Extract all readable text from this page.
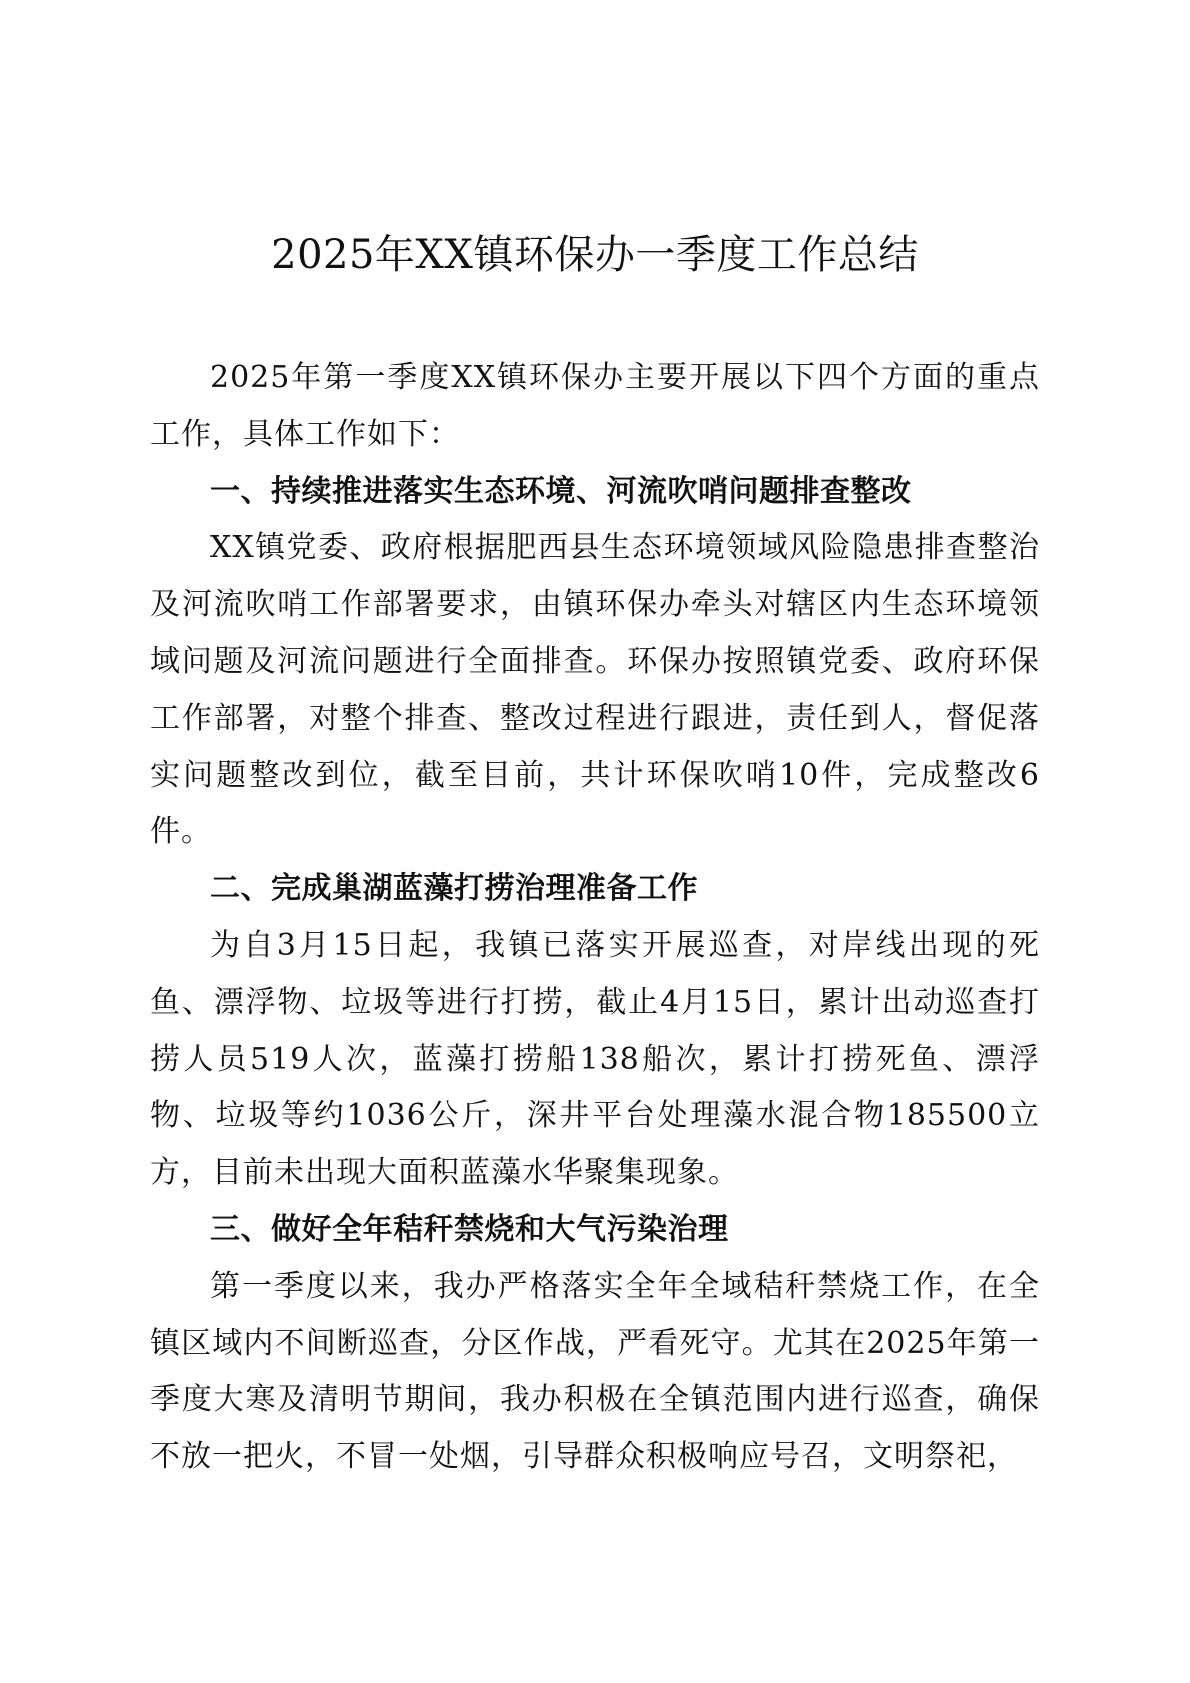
2025年XX镇环保办一季度工作总结

2025年第一季度XX镇环保办主要开展以下四个方面的重点工作，具体工作如下：

一、持续推进落实生态环境、河流吹哨问题排查整改

XX镇党委、政府根据肥西县生态环境领域风险隐患排查整治及河流吹哨工作部署要求，由镇环保办牵头对辖区内生态环境领域问题及河流问题进行全面排查。环保办按照镇党委、政府环保工作部署，对整个排查、整改过程进行跟进，责任到人，督促落实问题整改到位，截至目前，共计环保吹哨10件，完成整改6件。

二、完成巢湖蓝藻打捞治理准备工作

为自3月15日起，我镇已落实开展巡查，对岸线出现的死鱼、漂浮物、垃圾等进行打捞，截止4月15日，累计出动巡查打捞人员519人次，蓝藻打捞船138船次，累计打捞死鱼、漂浮物、垃圾等约1036公斤，深井平台处理藻水混合物185500立方，目前未出现大面积蓝藻水华聚集现象。

三、做好全年秸秆禁烧和大气污染治理

第一季度以来，我办严格落实全年全域秸秆禁烧工作，在全镇区域内不间断巡查，分区作战，严看死守。尤其在2025年第一季度大寒及清明节期间，我办积极在全镇范围内进行巡查，确保不放一把火，不冒一处烟，引导群众积极响应号召，文明祭祀，
